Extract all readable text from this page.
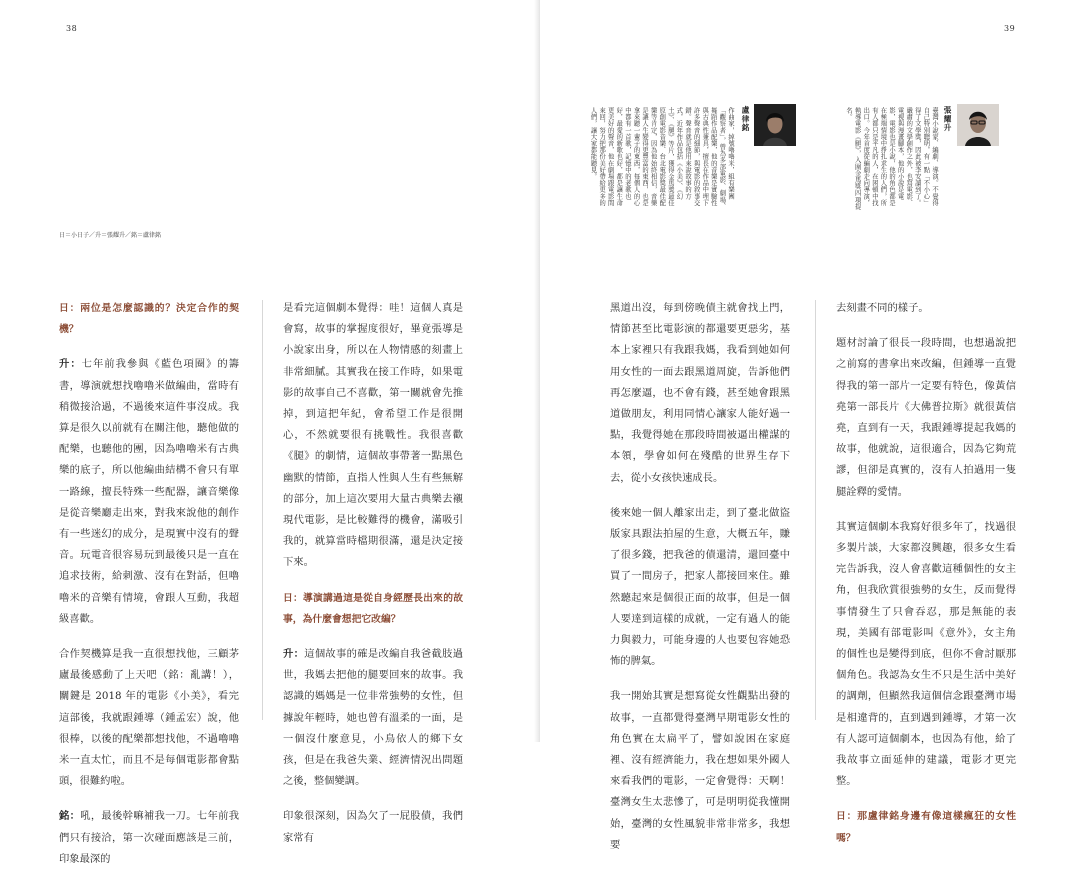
38
日＝小日子／升＝張耀升／銘＝盧律銘

日：兩位是怎麼認識的？決定合作的契機？

升：七年前我參與《藍色項圈》的籌書，導演就想找嚕嚕米做編曲，當時有稍微接洽過，不過後來這件事沒成。我算是很久以前就有在關注他，聽他做的配樂，也聽他的團，因為嚕嚕米有古典樂的底子，所以他編曲結構不會只有單一路線，擅長特殊一些配器，讓音樂像是從音樂廳走出來，對我來說他的創作有一些迷幻的成分，是現實中沒有的聲音。玩電音很容易玩到最後只是一直在追求技術，給刺激、沒有在對話，但嚕嚕米的音樂有情境，會跟人互動，我超級喜歡。

合作契機算是我一直很想找他，三顧茅廬最後感動了上天吧（銘：亂講！），關鍵是 2018 年的電影《小美》，看完這部後，我就跟鍾導（鍾孟宏）說，他很棒，以後的配樂都想找他，不過嚕嚕米一直太忙，而且不是每個電影都會點頭，很難約啦。

銘：吼，最後幹嘛補我一刀。七年前我們只有接洽，第一次碰面應該是三前，印象最深的

是看完這個劇本覺得：哇！這個人真是會寫，故事的掌握度很好，畢竟張導是小說家出身，所以在人物情感的刻畫上非常細膩。其實我在接工作時，如果電影的故事自己不喜歡，第一關就會先推掉，到這把年紀，會希望工作是很開心，不然就要很有挑戰性。我很喜歡《腿》的劇情，這個故事帶著一點黑色幽默的情節，直指人性與人生有些無解的部分，加上這次要用大量古典樂去襯現代電影，是比較難得的機會，滿吸引我的，就算當時檔期很滿，還是決定接下來。

日：導演講過這是從自身經歷長出來的故事，為什麼會想把它改編？

升：這個故事的確是改編自我爸截肢過世，我媽去把他的腿要回來的故事。我認識的媽媽是一位非常強勢的女性，但據說年輕時，她也曾有溫柔的一面，是一個沒什麼意見，小鳥依人的鄉下女孩，但是在我爸失業、經濟情況出問題之後，整個變調。

印象很深刻，因為欠了一屁股債，我們家常有

39
張耀升
臺灣小說家、編劇、導演。不覺得自己特別聰明，有一點「不小心」得了文學獎，因此被李安讀到了。嚴肅的文學創作之外，也寫電影、電視與漫畫腳本，他的小說是電影，電影也是小說，他的角色都是在極端情境中掙扎求生的人們，所有人都只是平凡的人，在困頓中找出口。今年首度從編劇走向導演，執導電影《腿》，入圍金馬獎四項提名。
盧律銘
作曲家，綽號嚕嚕米，組有樂團「觀察者」，曾為多部電影、劇場、舞蹈作品配樂，他的音樂是實驗性與古典性兼具，擅長在作品中埋下許多聲音的細節，與電影的敘事交錯。聲音就是他用來說故事的方式，近年作品包括《小美》、《幻土》、《腿》等片，獲得金馬獎最佳原創電影音樂、台北電影獎最佳配樂等肯定，因為他始終相信，音樂是讓人生變得更豐富的東西，也是拿來聽一輩子的東西，每個人的心中都有一首歌，記憶中的老歌也好，最愛的新歌也好，都是讓生命更美好的聲音，他在劇場跟電影間來回，努力把那份美好帶給更多的人們，讓大家都能聽見。

黑道出沒，每到傍晚債主就會找上門，情節甚至比電影演的都還要更惡劣，基本上家裡只有我跟我媽，我看到她如何用女性的一面去跟黑道周旋，告訴他們再怎麼逼，也不會有錢，甚至她會跟黑道做朋友，利用同情心讓家人能好過一點，我覺得她在那段時間被逼出權謀的本領，學會如何在殘酷的世界生存下去，從小女孩快速成長。

後來她一個人離家出走，到了臺北做盜版家具跟法拍屋的生意，大概五年，賺了很多錢，把我爸的債還清，還回臺中買了一間房子，把家人都接回來住。雖然聽起來是個很正面的故事，但是一個人要達到這樣的成就，一定有過人的能力與毅力，可能身邊的人也要包容她恐怖的脾氣。

我一開始其實是想寫從女性觀點出發的故事，一直都覺得臺灣早期電影女性的角色實在太扁平了，譬如說困在家庭裡、沒有經濟能力，我在想如果外國人來看我們的電影，一定會覺得：天啊！臺灣女生太悲慘了，可是明明從我懂開始，臺灣的女性風貌非常非常多，我想要

去刻畫不同的樣子。

題材討論了很長一段時間，也想過說把之前寫的書拿出來改編，但鍾導一直覺得我的第一部片一定要有特色，像黃信堯第一部長片《大佛普拉斯》就很黃信堯，直到有一天，我跟鍾導提起我媽的故事，他就說，這很適合，因為它夠荒謬，但卻是真實的，沒有人拍過用一隻腿詮釋的愛情。

其實這個劇本我寫好很多年了，找過很多製片談，大家都沒興趣，很多女生看完告訴我，沒人會喜歡這種個性的女主角，但我欣賞很強勢的女生，反而覺得事情發生了只會吞忍，那是無能的表現，美國有部電影叫《意外》，女主角的個性也是變得到底，但你不會討厭那個角色。我認為女生不只是生活中美好的調劑，但顯然我這個信念跟臺灣市場是相違背的，直到遇到鍾導，才第一次有人認可這個劇本，也因為有他，給了我故事立面延伸的建議，電影才更完整。

日：那盧律銘身邊有像這樣瘋狂的女性嗎？
